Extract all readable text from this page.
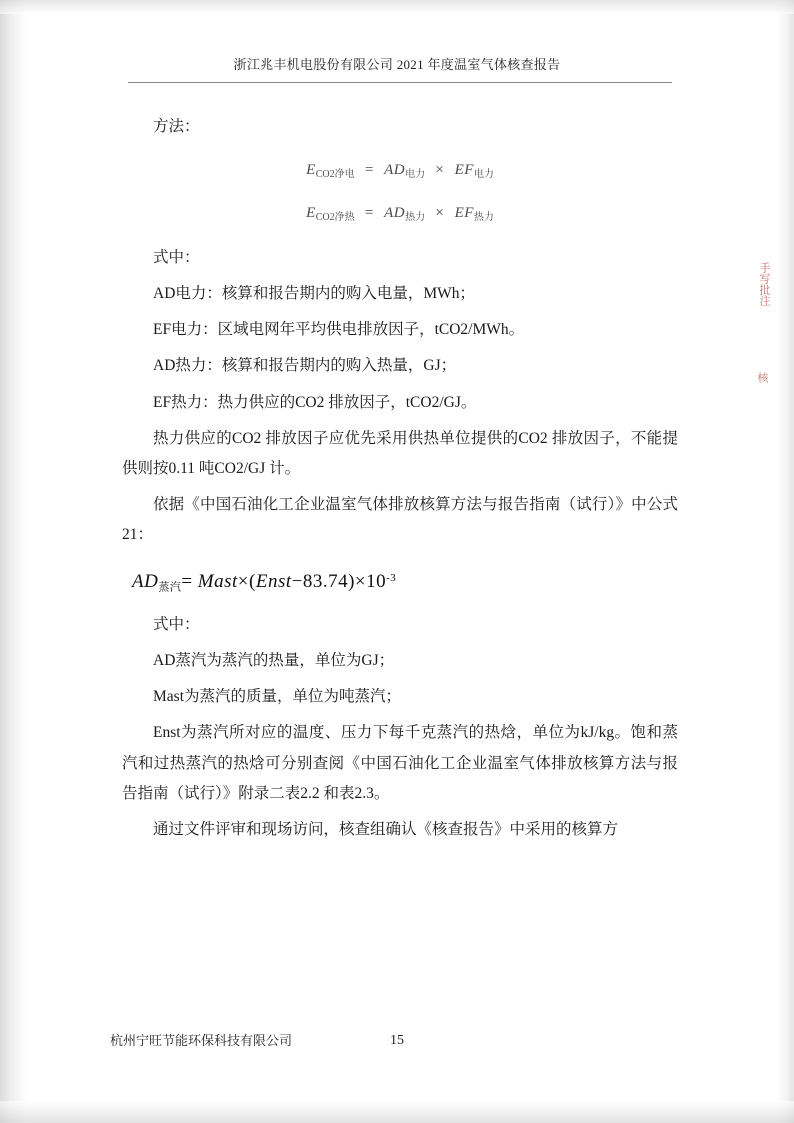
浙江兆丰机电股份有限公司 2021 年度温室气体核查报告

方法：

$E_{CO2净电} = AD_{电力} \times EF_{电力}$
$E_{CO2净热} = AD_{热力} \times EF_{热力}$

式中：

AD电力：核算和报告期内的购入电量，MWh；

EF电力：区域电网年平均供电排放因子，tCO2/MWh。

AD热力：核算和报告期内的购入热量，GJ；

EF热力：热力供应的CO2 排放因子，tCO2/GJ。

热力供应的CO2 排放因子应优先采用供热单位提供的CO2 排放因子，不能提供则按0.11 吨CO2/GJ 计。

依据《中国石油化工企业温室气体排放核算方法与报告指南（试行）》中公式21：

$AD_{蒸汽}=$ $Mast\times(Enst-83.74)\times 10^{-3}$

式中：

AD蒸汽为蒸汽的热量，单位为GJ；

Mast为蒸汽的质量，单位为吨蒸汽；

Enst为蒸汽所对应的温度、压力下每千克蒸汽的热焓，单位为kJ/kg。饱和蒸汽和过热蒸汽的热焓可分别查阅《中国石油化工企业温室气体排放核算方法与报告指南（试行）》附录二表2.2 和表2.3。

通过文件评审和现场访问，核查组确认《核查报告》中采用的核算方

手写批注
核
杭州宁旺节能环保科技有限公司	15
